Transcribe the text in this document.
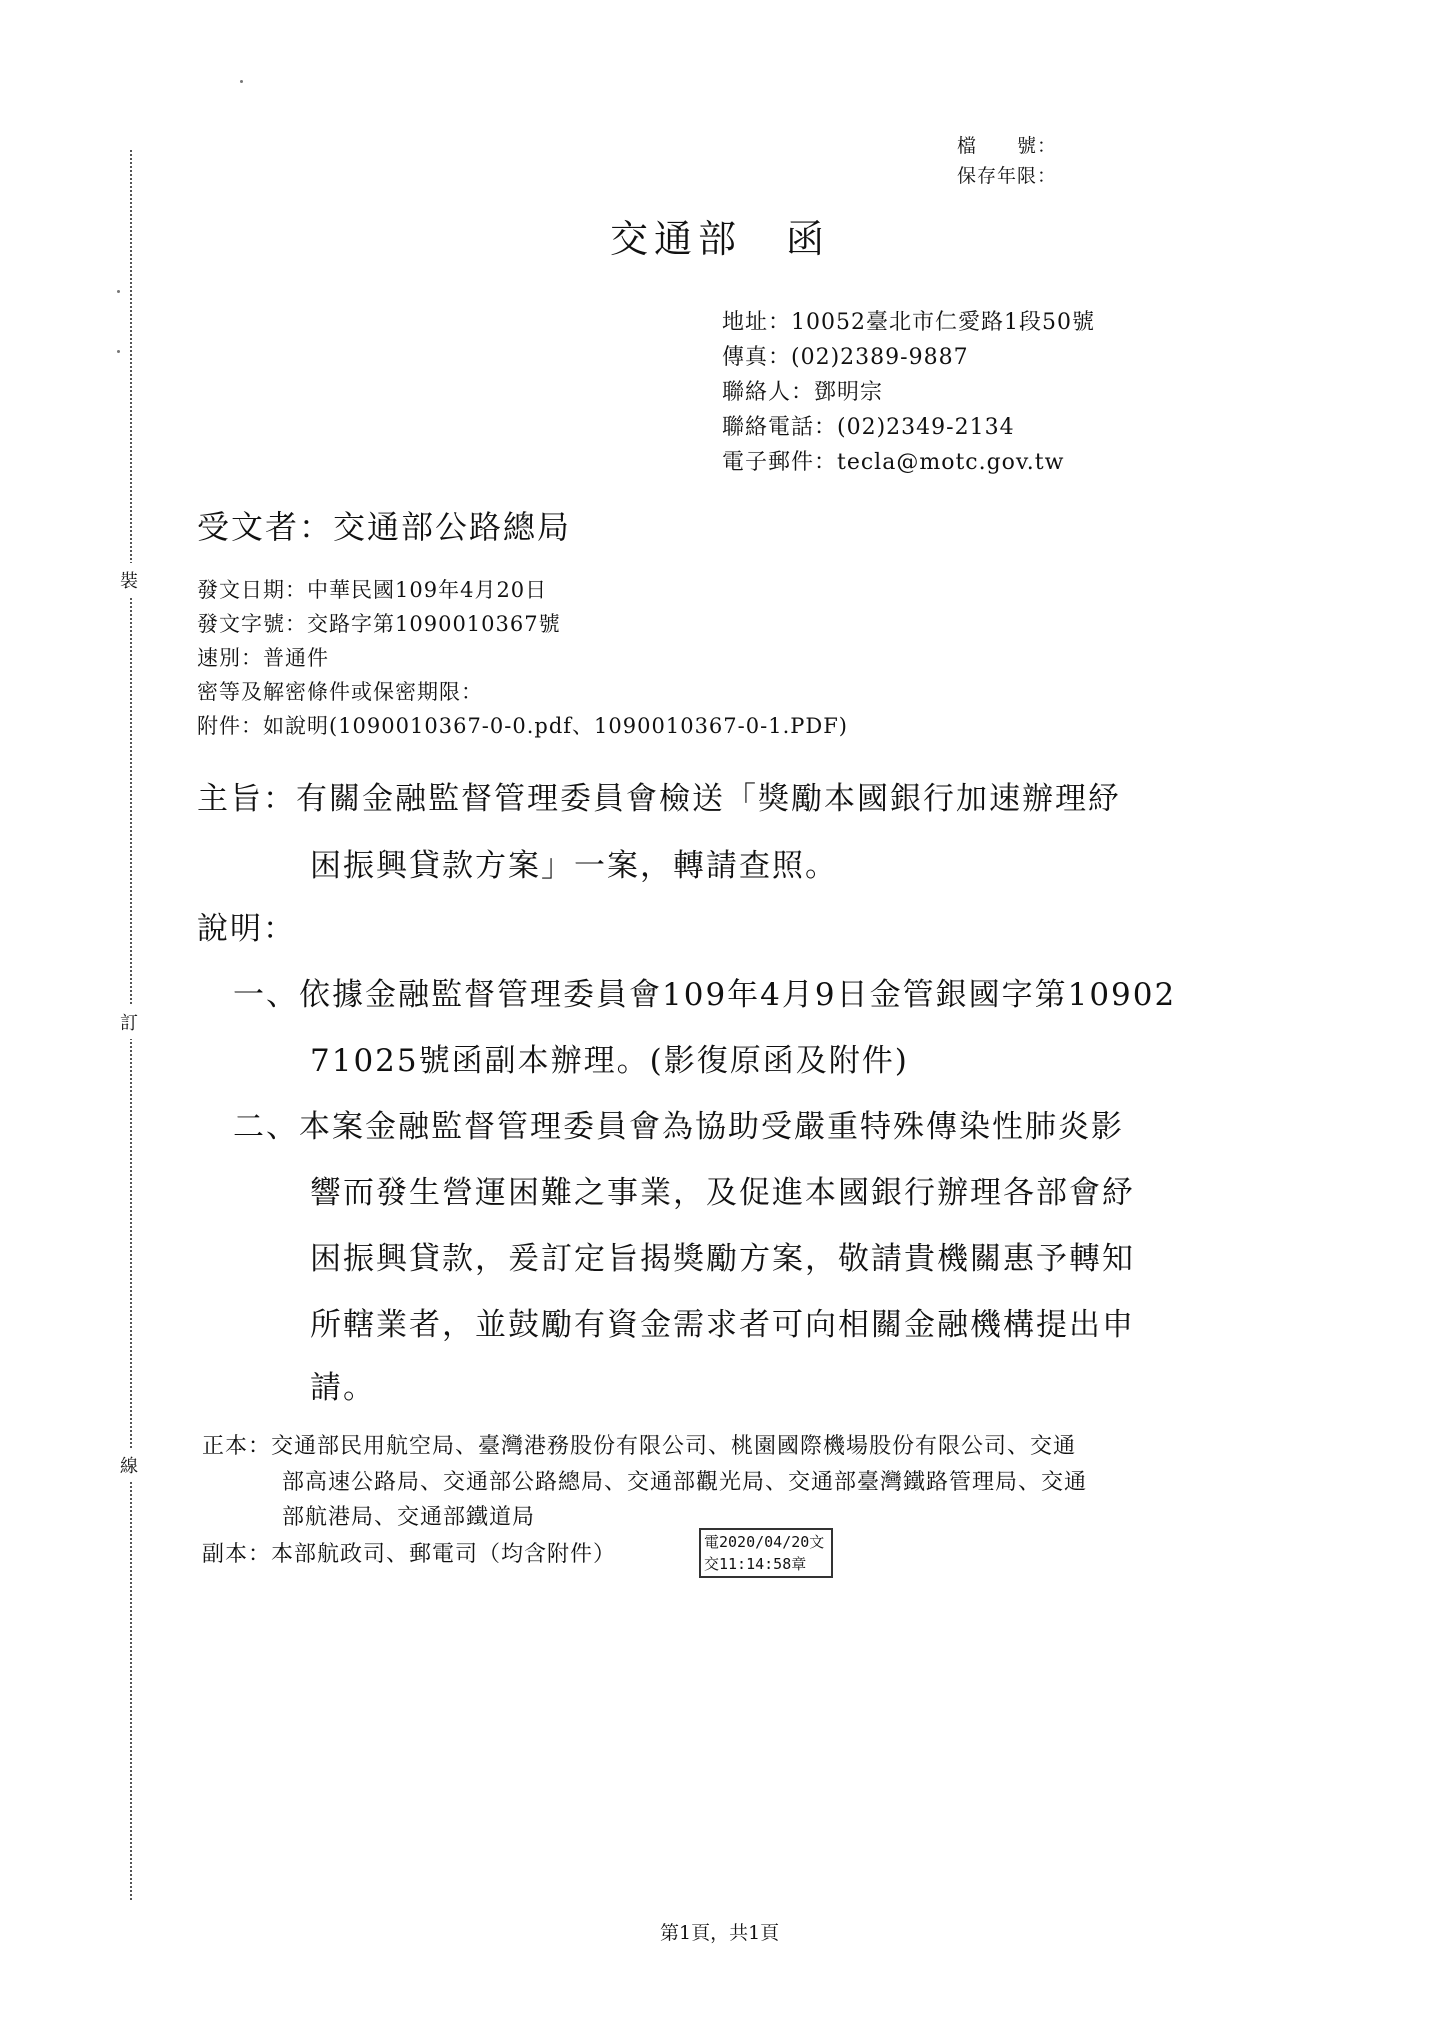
裝
訂
線
檔　　號：
保存年限：
交通部　函
地址：10052臺北市仁愛路1段50號
傳真：(02)2389-9887
聯絡人：鄧明宗
聯絡電話：(02)2349-2134
電子郵件：tecla@motc.gov.tw
受文者：交通部公路總局
發文日期：中華民國109年4月20日
發文字號：交路字第1090010367號
速別：普通件
密等及解密條件或保密期限：
附件：如說明(1090010367-0-0.pdf、1090010367-0-1.PDF)
主旨：有關金融監督管理委員會檢送「獎勵本國銀行加速辦理紓
困振興貸款方案」一案，轉請查照。
說明：
一、依據金融監督管理委員會109年4月9日金管銀國字第10902
71025號函副本辦理。(影復原函及附件)
二、本案金融監督管理委員會為協助受嚴重特殊傳染性肺炎影
響而發生營運困難之事業，及促進本國銀行辦理各部會紓
困振興貸款，爰訂定旨揭獎勵方案，敬請貴機關惠予轉知
所轄業者，並鼓勵有資金需求者可向相關金融機構提出申
請。
正本：交通部民用航空局、臺灣港務股份有限公司、桃園國際機場股份有限公司、交通
部高速公路局、交通部公路總局、交通部觀光局、交通部臺灣鐵路管理局、交通
部航港局、交通部鐵道局
副本：本部航政司、郵電司（均含附件）	電2020/04/20文
交11:14:58章
第1頁，共1頁
